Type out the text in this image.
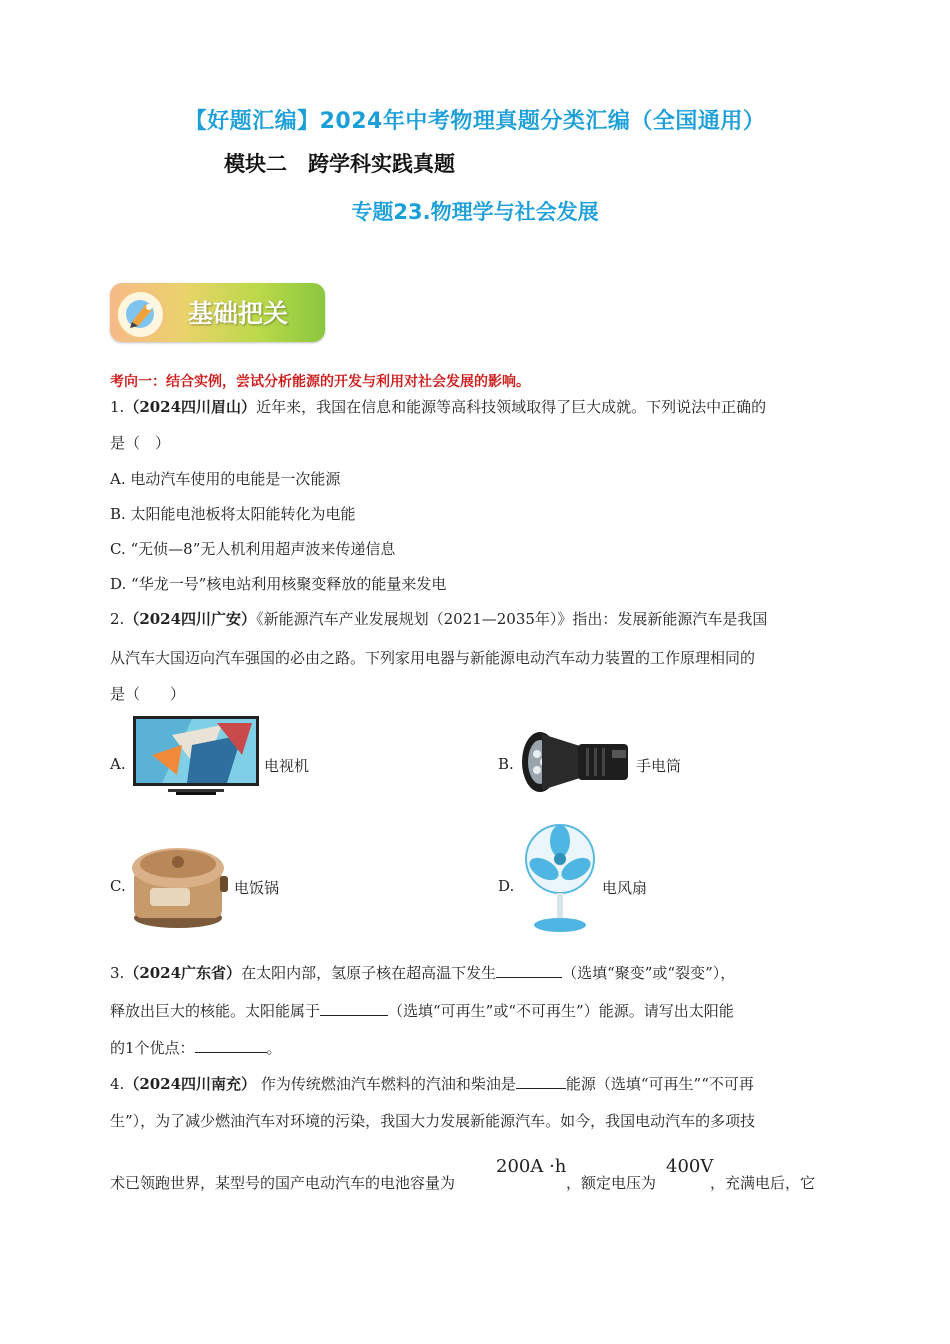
【好题汇编】2024年中考物理真题分类汇编（全国通用）
模块二　跨学科实践真题
专题23.物理学与社会发展
基础把关
考向一：结合实例，尝试分析能源的开发与利用对社会发展的影响。
1.（2024四川眉山）近年来，我国在信息和能源等高科技领域取得了巨大成就。下列说法中正确的
是（　）
A. 电动汽车使用的电能是一次能源
B. 太阳能电池板将太阳能转化为电能
C. “无侦—8”无人机利用超声波来传递信息
D. “华龙一号”核电站利用核聚变释放的能量来发电
2.（2024四川广安）《新能源汽车产业发展规划（2021—2035年）》指出：发展新能源汽车是我国
从汽车大国迈向汽车强国的必由之路。下列家用电器与新能源电动汽车动力装置的工作原理相同的
是（　　）
A.	电视机	B.	手电筒
C.	电饭锅	D.	电风扇
3.（2024广东省）在太阳内部，氢原子核在超高温下发生	（选填“聚变”或“裂变”），
释放出巨大的核能。太阳能属于	（选填“可再生”或“不可再生”）能源。请写出太阳能
的1个优点：	。
4.（2024四川南充） 作为传统燃油汽车燃料的汽油和柴油是	能源（选填“可再生”“不可再
生”），为了减少燃油汽车对环境的污染，我国大力发展新能源汽车。如今，我国电动汽车的多项技
术已领跑世界，某型号的国产电动汽车的电池容量为
200A ·h
，额定电压为
400V
，充满电后，它
